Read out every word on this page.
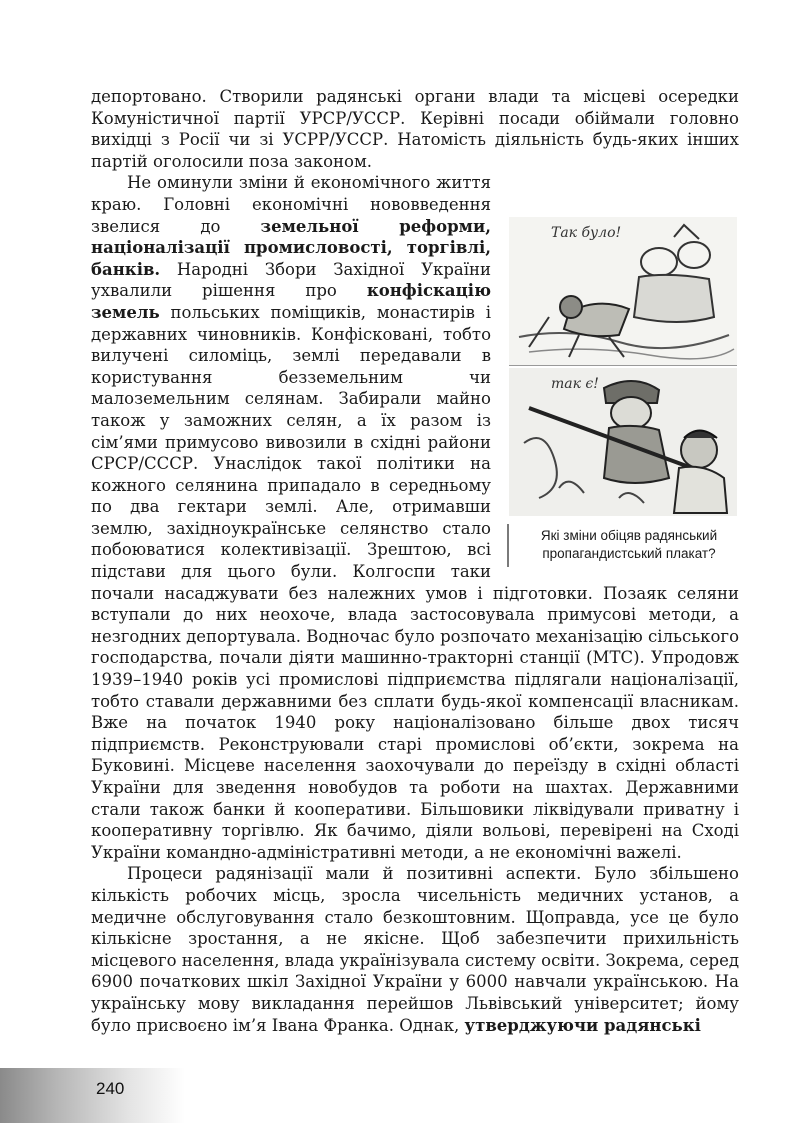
депортовано. Створили радянські органи влади та місцеві осередки Комуністичної партії УРСР/УССР. Керівні посади обіймали головно вихідці з Росії чи зі УСРР/УССР. Натомість діяльність будь-яких інших партій оголосили поза законом.

Так було!
так є!
Які зміни обіцяв радянський пропагандистський плакат?
Не оминули зміни й економічного життя краю. Головні економічні нововведення звелися до земельної реформи, націоналізації промисловості, торгівлі, банків. Народні Збори Західної України ухвалили рішення про конфіскацію земель польських поміщиків, монастирів і державних чиновників. Конфісковані, тобто вилучені силоміць, землі передавали в користування безземельним чи малоземельним селянам. Забирали майно також у заможних селян, а їх разом із сім’ями примусово вивозили в східні райони СРСР/СССР. Унаслідок такої політики на кожного селянина припадало в середньому по два гектари землі. Але, отримавши землю, західноукраїнське селянство стало побоюватися колективізації. Зрештою, всі підстави для цього були. Колгоспи таки почали насаджувати без належних умов і підготовки. Позаяк селяни вступали до них неохоче, влада застосовувала примусові методи, а незгодних депортувала. Водночас було розпочато механізацію сільського господарства, почали діяти машинно-тракторні станції (МТС). Упродовж 1939–1940 років усі промислові підприємства підлягали націоналізації, тобто ставали державними без сплати будь-якої компенсації власникам. Вже на початок 1940 року націоналізовано більше двох тисяч підприємств. Реконструювали старі промислові об’єкти, зокрема на Буковині. Місцеве населення заохочували до переїзду в східні області України для зведення новобудов та роботи на шахтах. Державними стали також банки й кооперативи. Більшовики ліквідували приватну і кооперативну торгівлю. Як бачимо, діяли вольові, перевірені на Сході України командно-адміністративні методи, а не економічні важелі.

Процеси радянізації мали й позитивні аспекти. Було збільшено кількість робочих місць, зросла чисельність медичних установ, а медичне обслуговування стало безкоштовним. Щоправда, усе це було кількісне зростання, а не якісне. Щоб забезпечити прихильність місцевого населення, влада українізувала систему освіти. Зокрема, серед 6900 початкових шкіл Західної України у 6000 навчали українською. На українську мову викладання перейшов Львівський університет; йому було присвоєно ім’я Івана Франка. Однак, утверджуючи радянські

240
